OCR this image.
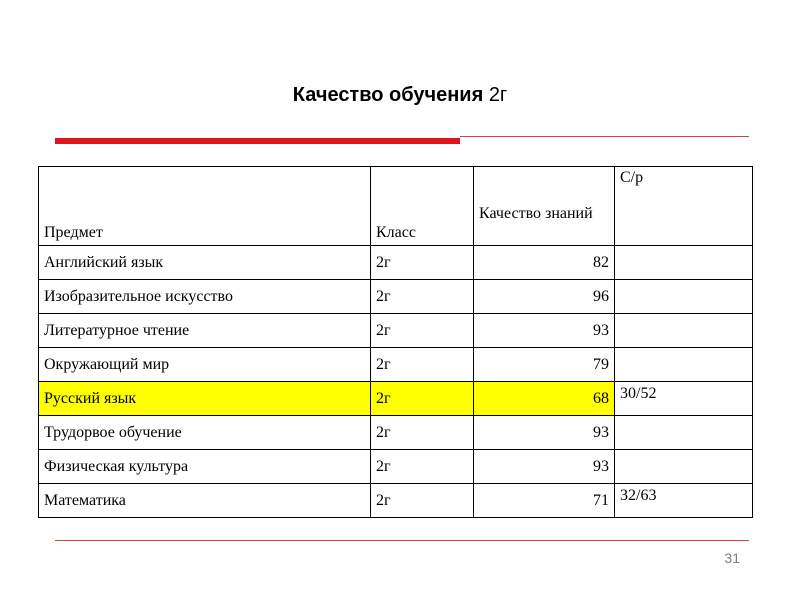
Качество обучения 2г
Предмет	Класс	Качество знаний	С/р
Английский язык	2г	82	
Изобразительное искусство	2г	96	
Литературное чтение	2г	93	
Окружающий мир	2г	79	
Русский язык	2г	68	30/52
Трудорвое обучение	2г	93	
Физическая культура	2г	93	
Математика	2г	71	32/63
31
